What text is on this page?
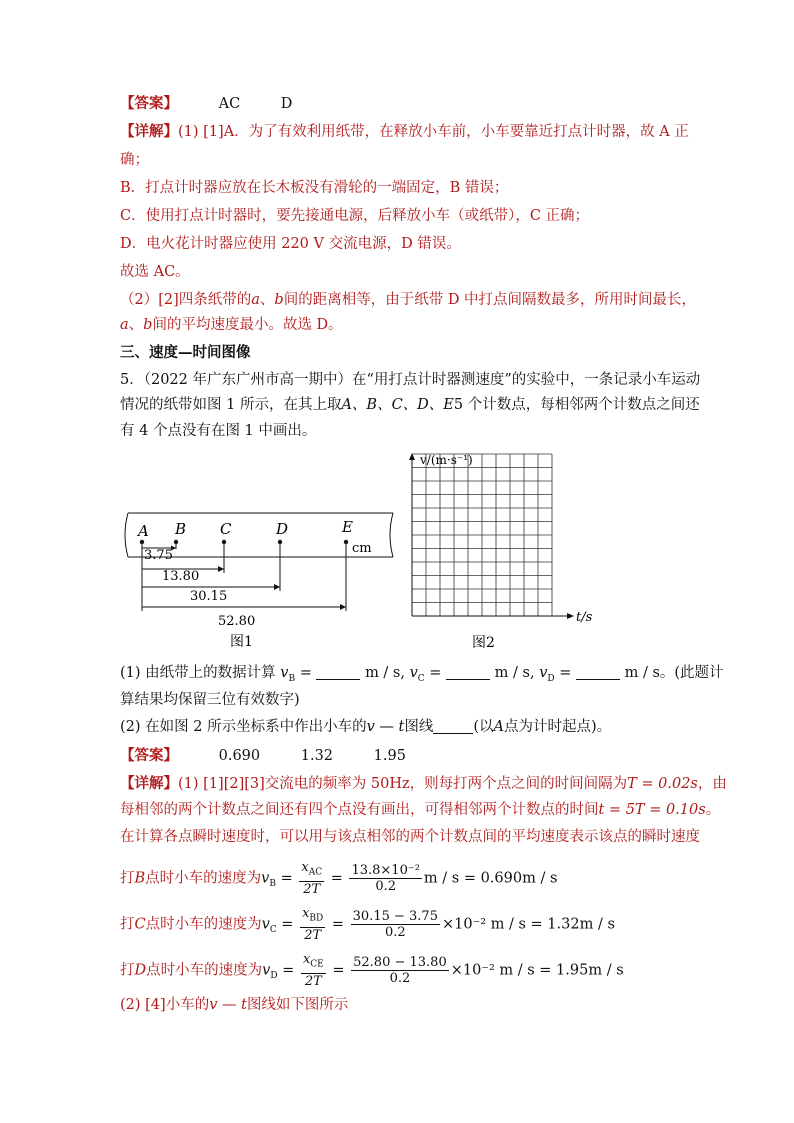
【答案】	AC	D
【详解】(1) [1]A．为了有效利用纸带，在释放小车前，小车要靠近打点计时器，故 A 正
确；
B．打点计时器应放在长木板没有滑轮的一端固定，B 错误；
C．使用打点计时器时，要先接通电源，后释放小车（或纸带），C 正确；
D．电火花计时器应使用 220 V 交流电源，D 错误。
故选 AC。
（2）[2]四条纸带的a、b间的距离相等，由于纸带 D 中打点间隔数最多，所用时间最长，
a、b间的平均速度最小。故选 D。
三、速度—时间图像
5．（2022 年广东广州市高一期中）在“用打点计时器测速度”的实验中，一条记录小车运动
情况的纸带如图 1 所示，在其上取A、B、C、D、E5 个计数点，每相邻两个计数点之间还
有 4 个点没有在图 1 中画出。
A B C	D	E
cm
3.75
13.80
30.15
52.80
图1
v/(m·s⁻¹)
t/s
图2
(1) 由纸带上的数据计算 $v_B$ =	m / s, $v_C$ =	m / s, $v_D$ =	m / s。(此题计
算结果均保留三位有效数字)
(2) 在如图 2 所示坐标系中作出小车的v — t图线	(以A点为计时起点)。
【答案】	0.690	1.32	1.95
【详解】(1) [1][2][3]交流电的频率为 50Hz，则每打两个点之间的时间间隔为T = 0.02s，由
每相邻的两个计数点之间还有四个点没有画出，可得相邻两个计数点的时间t = 5T = 0.10s。
在计算各点瞬时速度时，可以用与该点相邻的两个计数点间的平均速度表示该点的瞬时速度
打B点时小车的速度为$v_B = \frac{x_{AC}}{2T} = \frac{\text{13.8×10⁻²}}{0.2}$ m / s = 0.690m / s
打C点时小车的速度为$v_C = \frac{x_{BD}}{2T} = \frac{30.15 - 3.75}{0.2} \times 10^{-2}$ m / s = 1.32m / s
打D点时小车的速度为$v_D = \frac{x_{CE}}{2T} = \frac{52.80 - 13.80}{0.2} \times 10^{-2}$ m / s = 1.95m / s
(2) [4]小车的v — t图线如下图所示
